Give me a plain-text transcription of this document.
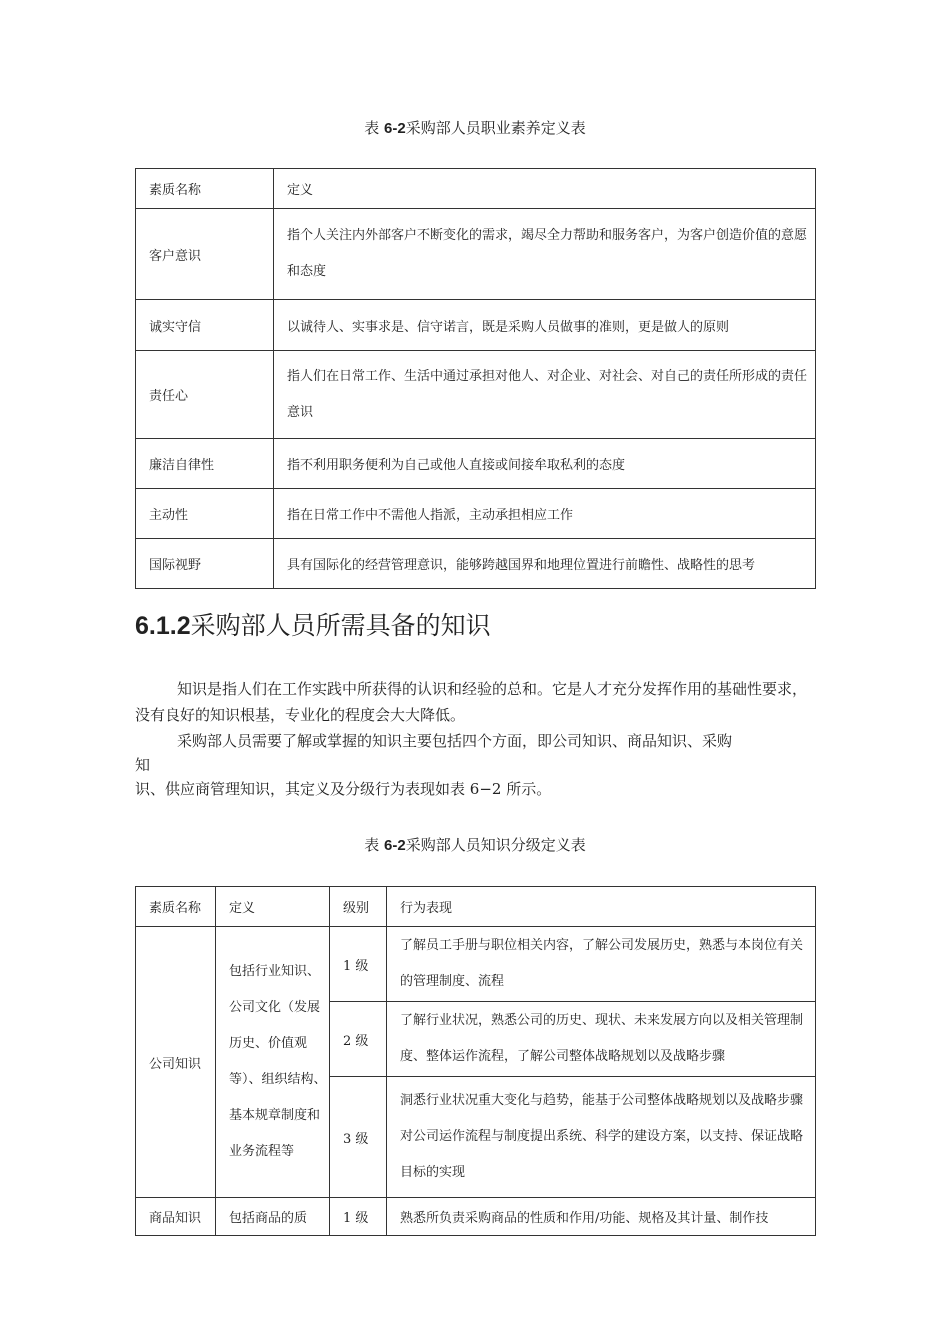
表 6-2采购部人员职业素养定义表
素质名称	定义
客户意识	指个人关注内外部客户不断变化的需求，竭尽全力帮助和服务客户，为客户创造价值的意愿和态度
诚实守信	以诚待人、实事求是、信守诺言，既是采购人员做事的准则，更是做人的原则
责任心	指人们在日常工作、生活中通过承担对他人、对企业、对社会、对自己的责任所形成的责任意识
廉洁自律性	指不利用职务便利为自己或他人直接或间接牟取私利的态度
主动性	指在日常工作中不需他人指派，主动承担相应工作
国际视野	具有国际化的经营管理意识，能够跨越国界和地理位置进行前瞻性、战略性的思考
6.1.2采购部人员所需具备的知识

知识是指人们在工作实践中所获得的认识和经验的总和。它是人才充分发挥作用的基础性要求，没有良好的知识根基，专业化的程度会大大降低。

采购部人员需要了解或掌握的知识主要包括四个方面，即公司知识、商品知识、采购

知

识、供应商管理知识，其定义及分级行为表现如表 6−2 所示。

表 6-2采购部人员知识分级定义表
素质名称	定义	级别	行为表现
公司知识	包括行业知识、公司文化（发展历史、价值观等）、组织结构、基本规章制度和业务流程等	1 级	了解员工手册与职位相关内容，了解公司发展历史，熟悉与本岗位有关的管理制度、流程
		2 级	了解行业状况，熟悉公司的历史、现状、未来发展方向以及相关管理制度、整体运作流程，了解公司整体战略规划以及战略步骤
		3 级	洞悉行业状况重大变化与趋势，能基于公司整体战略规划以及战略步骤对公司运作流程与制度提出系统、科学的建设方案，以支持、保证战略目标的实现
商品知识	包括商品的质	1 级	熟悉所负责采购商品的性质和作用/功能、规格及其计量、制作技
